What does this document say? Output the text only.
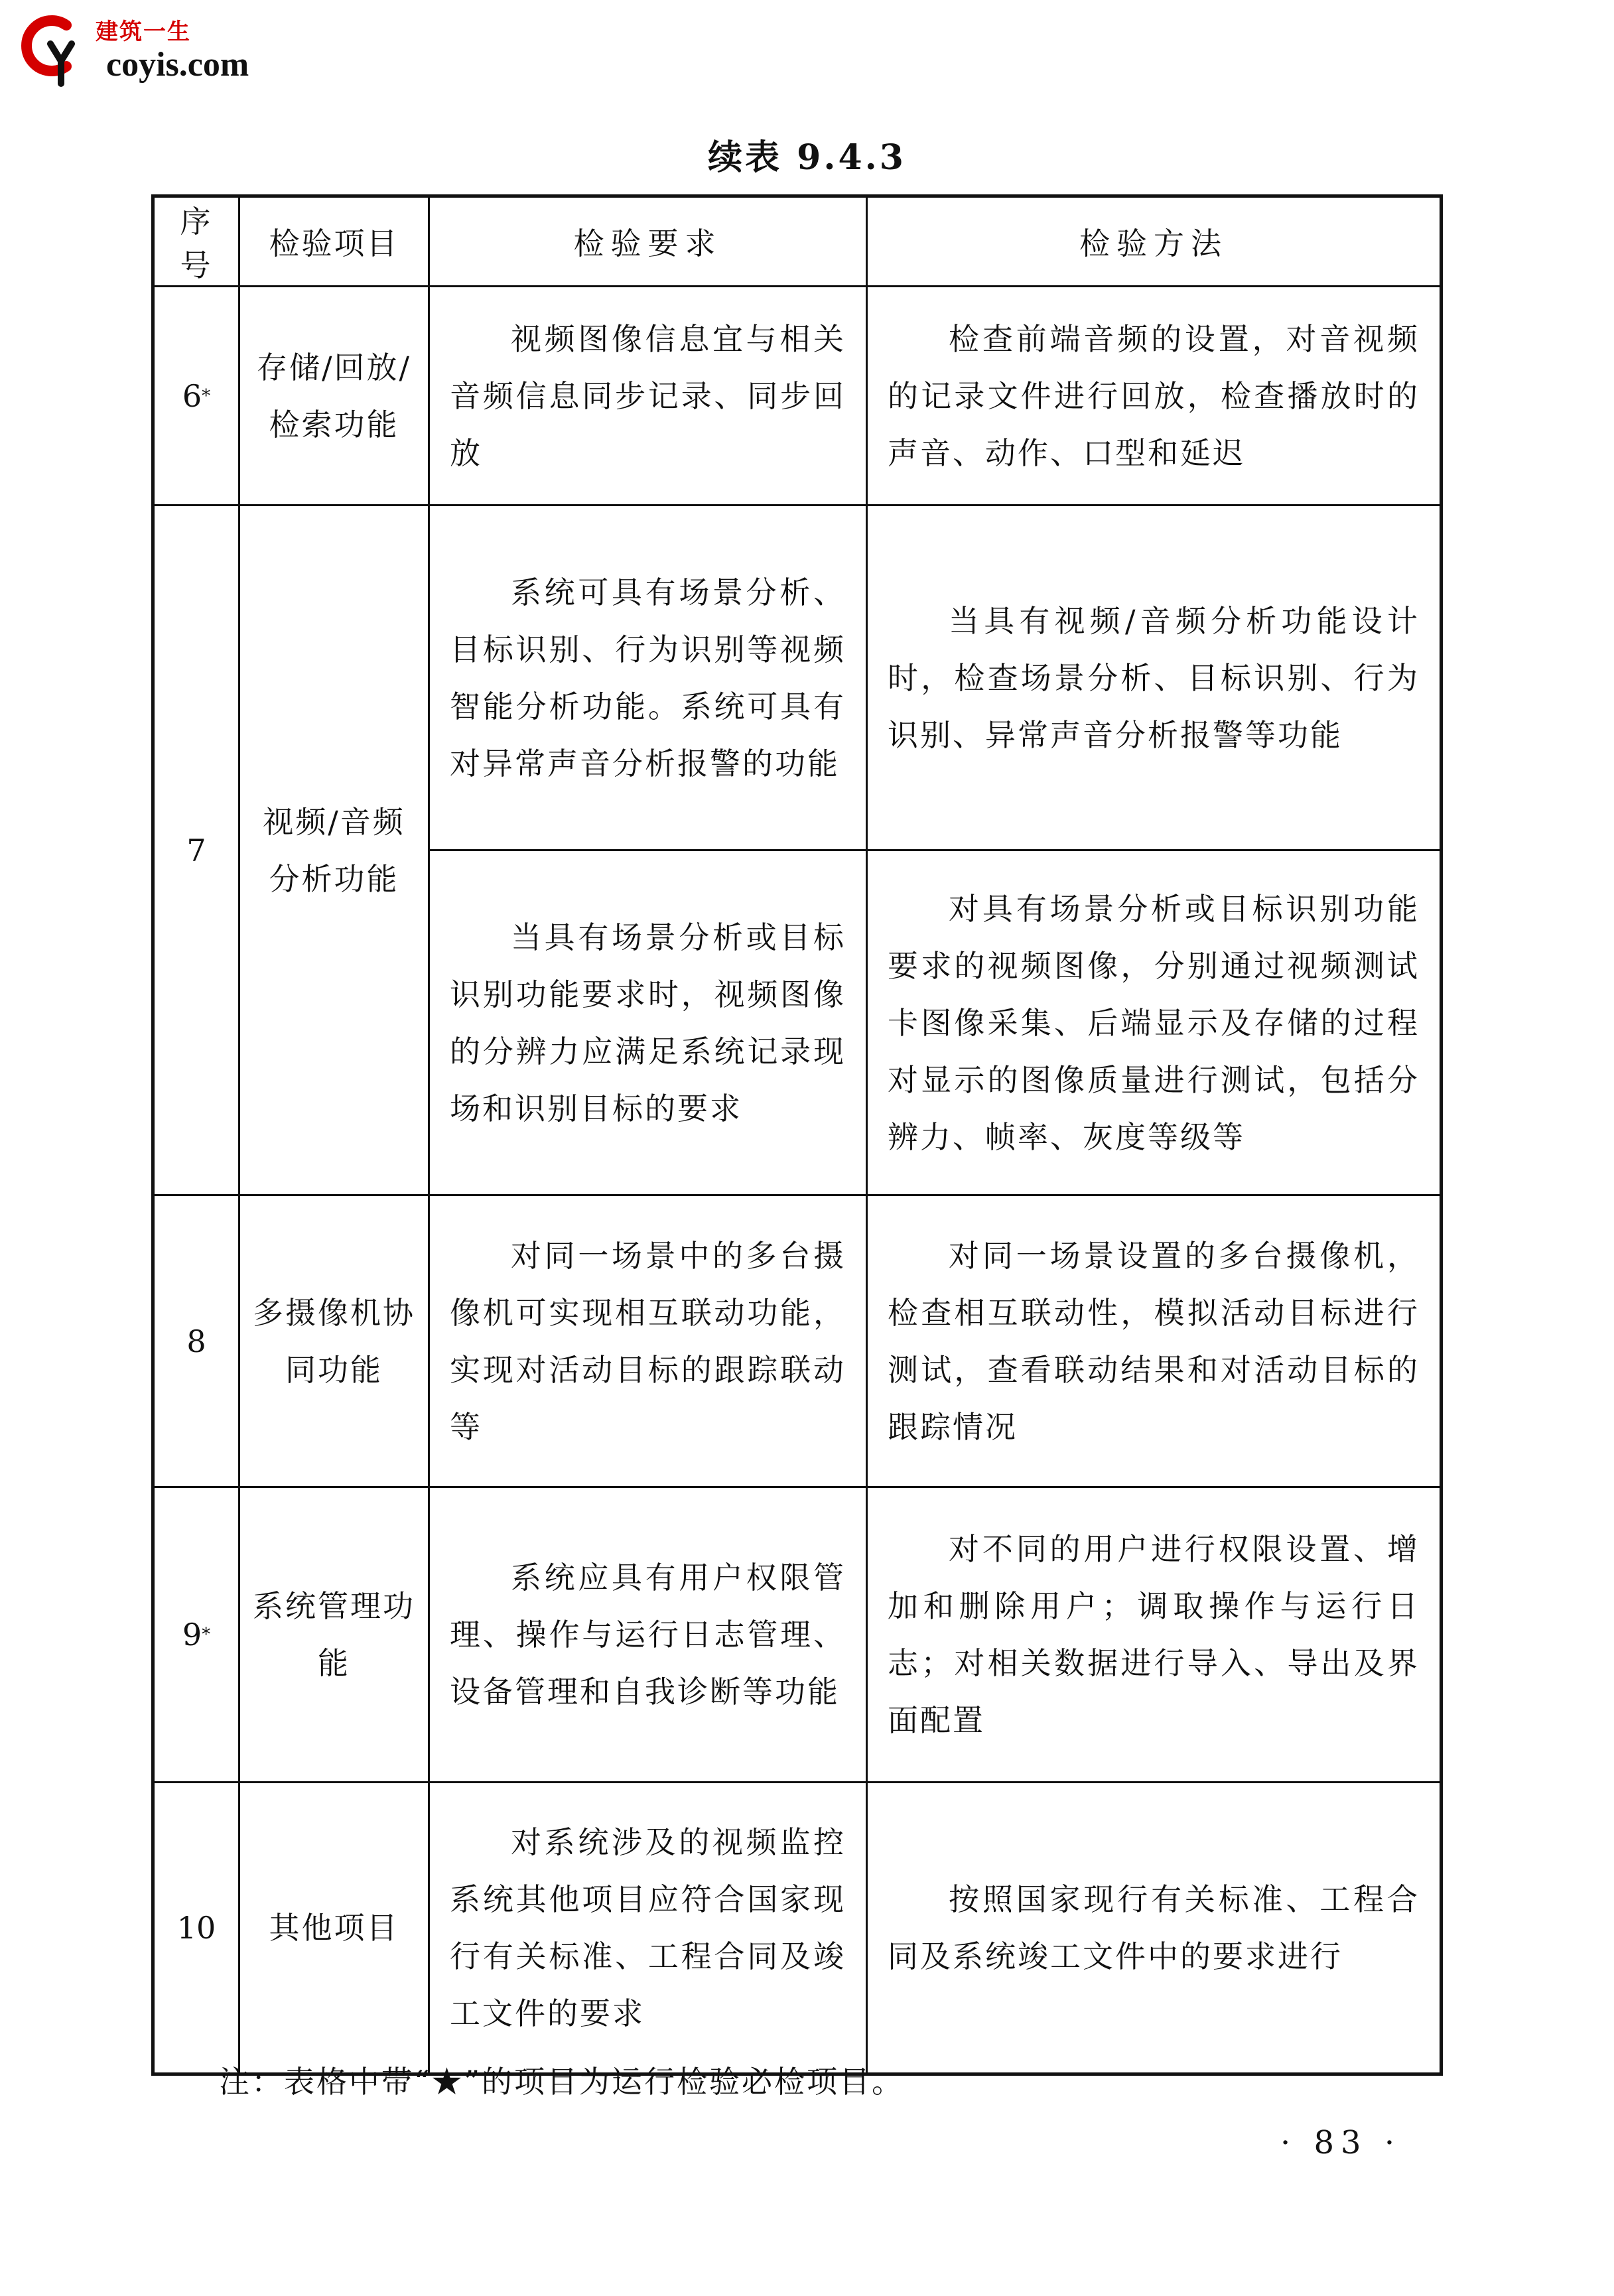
建筑一生
coyis.com
续表 9.4.3
序号	检验项目	检验要求	检验方法
6*	存储/回放/检索功能	视频图像信息宜与相关音频信息同步记录、同步回放	检查前端音频的设置，对音视频的记录文件进行回放，检查播放时的声音、动作、口型和延迟
7	视频/音频分析功能	系统可具有场景分析、目标识别、行为识别等视频智能分析功能。系统可具有对异常声音分析报警的功能	当具有视频/音频分析功能设计时，检查场景分析、目标识别、行为识别、异常声音分析报警等功能
		当具有场景分析或目标识别功能要求时，视频图像的分辨力应满足系统记录现场和识别目标的要求	对具有场景分析或目标识别功能要求的视频图像，分别通过视频测试卡图像采集、后端显示及存储的过程对显示的图像质量进行测试，包括分辨力、帧率、灰度等级等
8	多摄像机协同功能	对同一场景中的多台摄像机可实现相互联动功能，实现对活动目标的跟踪联动等	对同一场景设置的多台摄像机，检查相互联动性，模拟活动目标进行测试，查看联动结果和对活动目标的跟踪情况
9*	系统管理功能	系统应具有用户权限管理、操作与运行日志管理、设备管理和自我诊断等功能	对不同的用户进行权限设置、增加和删除用户；调取操作与运行日志；对相关数据进行导入、导出及界面配置
10	其他项目	对系统涉及的视频监控系统其他项目应符合国家现行有关标准、工程合同及竣工文件的要求	按照国家现行有关标准、工程合同及系统竣工文件中的要求进行
注：表格中带“★”的项目为运行检验必检项目。
· 83 ·
